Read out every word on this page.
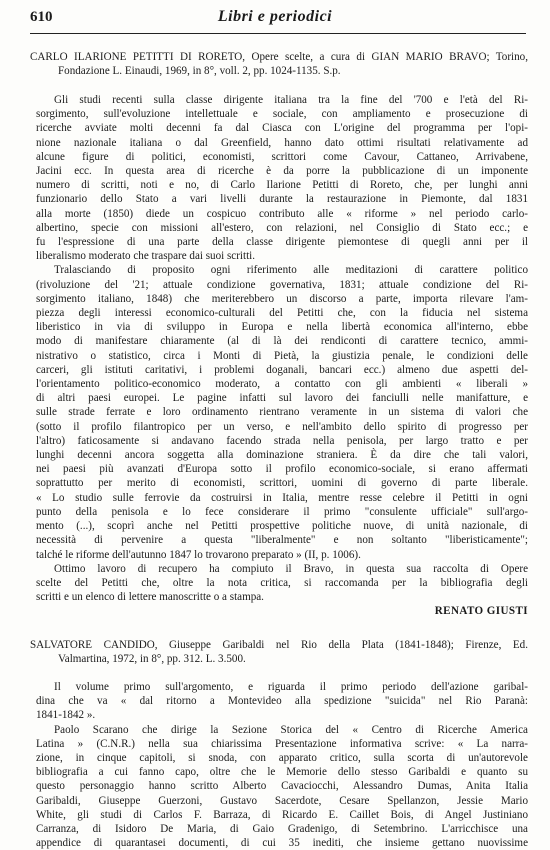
610	Libri e periodici
CARLO ILARIONE PETITTI DI RORETO, Opere scelte, a cura di GIAN MARIO BRAVO; Torino,
Fondazione L. Einaudi, 1969, in 8°, voll. 2, pp. 1024-1135. S.p.
Gli studi recenti sulla classe dirigente italiana tra la fine del '700 e l'età del Ri-
sorgimento, sull'evoluzione intellettuale e sociale, con ampliamento e prosecuzione di
ricerche avviate molti decenni fa dal Ciasca con L'origine del programma per l'opi-
nione nazionale italiana o dal Greenfield, hanno dato ottimi risultati relativamente ad
alcune figure di politici, economisti, scrittori come Cavour, Cattaneo, Arrivabene,
Jacini ecc. In questa area di ricerche è da porre la pubblicazione di un imponente
numero di scritti, noti e no, di Carlo Ilarione Petitti di Roreto, che, per lunghi anni
funzionario dello Stato a vari livelli durante la restaurazione in Piemonte, dal 1831
alla morte (1850) diede un cospicuo contributo alle « riforme » nel periodo carlo-
albertino, specie con missioni all'estero, con relazioni, nel Consiglio di Stato ecc.; e
fu l'espressione di una parte della classe dirigente piemontese di quegli anni per il
liberalismo moderato che traspare dai suoi scritti.
Tralasciando di proposito ogni riferimento alle meditazioni di carattere politico
(rivoluzione del '21; attuale condizione governativa, 1831; attuale condizione del Ri-
sorgimento italiano, 1848) che meriterebbero un discorso a parte, importa rilevare l'am-
piezza degli interessi economico-culturali del Petitti che, con la fiducia nel sistema
liberistico in via di sviluppo in Europa e nella libertà economica all'interno, ebbe
modo di manifestare chiaramente (al di là dei rendiconti di carattere tecnico, ammi-
nistrativo o statistico, circa i Monti di Pietà, la giustizia penale, le condizioni delle
carceri, gli istituti caritativi, i problemi doganali, bancari ecc.) almeno due aspetti del-
l'orientamento politico-economico moderato, a contatto con gli ambienti « liberali »
di altri paesi europei. Le pagine infatti sul lavoro dei fanciulli nelle manifatture, e
sulle strade ferrate e loro ordinamento rientrano veramente in un sistema di valori che
(sotto il profilo filantropico per un verso, e nell'ambito dello spirito di progresso per
l'altro) faticosamente si andavano facendo strada nella penisola, per largo tratto e per
lunghi decenni ancora soggetta alla dominazione straniera. È da dire che tali valori,
nei paesi più avanzati d'Europa sotto il profilo economico-sociale, si erano affermati
soprattutto per merito di economisti, scrittori, uomini di governo di parte liberale.
« Lo studio sulle ferrovie da costruirsi in Italia, mentre resse celebre il Petitti in ogni
punto della penisola e lo fece considerare il primo "consulente ufficiale" sull'argo-
mento (...), scoprì anche nel Petitti prospettive politiche nuove, di unità nazionale, di
necessità di pervenire a questa "liberalmente" e non soltanto "liberisticamente";
talché le riforme dell'autunno 1847 lo trovarono preparato » (II, p. 1006).
Ottimo lavoro di recupero ha compiuto il Bravo, in questa sua raccolta di Opere
scelte del Petitti che, oltre la nota critica, si raccomanda per la bibliografia degli
scritti e un elenco di lettere manoscritte o a stampa.
RENATO GIUSTI
SALVATORE CANDIDO, Giuseppe Garibaldi nel Rio della Plata (1841-1848); Firenze, Ed.
Valmartina, 1972, in 8°, pp. 312. L. 3.500.
Il volume primo sull'argomento, e riguarda il primo periodo dell'azione garibal-
dina che va « dal ritorno a Montevideo alla spedizione "suicida" nel Rio Paranà:
1841-1842 ».
Paolo Scarano che dirige la Sezione Storica del « Centro di Ricerche America
Latina » (C.N.R.) nella sua chiarissima Presentazione informativa scrive: « La narra-
zione, in cinque capitoli, si snoda, con apparato critico, sulla scorta di un'autorevole
bibliografia a cui fanno capo, oltre che le Memorie dello stesso Garibaldi e quanto su
questo personaggio hanno scritto Alberto Cavaciocchi, Alessandro Dumas, Anita Italia
Garibaldi, Giuseppe Guerzoni, Gustavo Sacerdote, Cesare Spellanzon, Jessie Mario
White, gli studi di Carlos F. Barraza, di Ricardo E. Caillet Bois, di Angel Justiniano
Carranza, di Isidoro De Maria, di Gaio Gradenigo, di Setembrino. L'arricchisce una
appendice di quarantasei documenti, di cui 35 inediti, che insieme gettano nuovissime
